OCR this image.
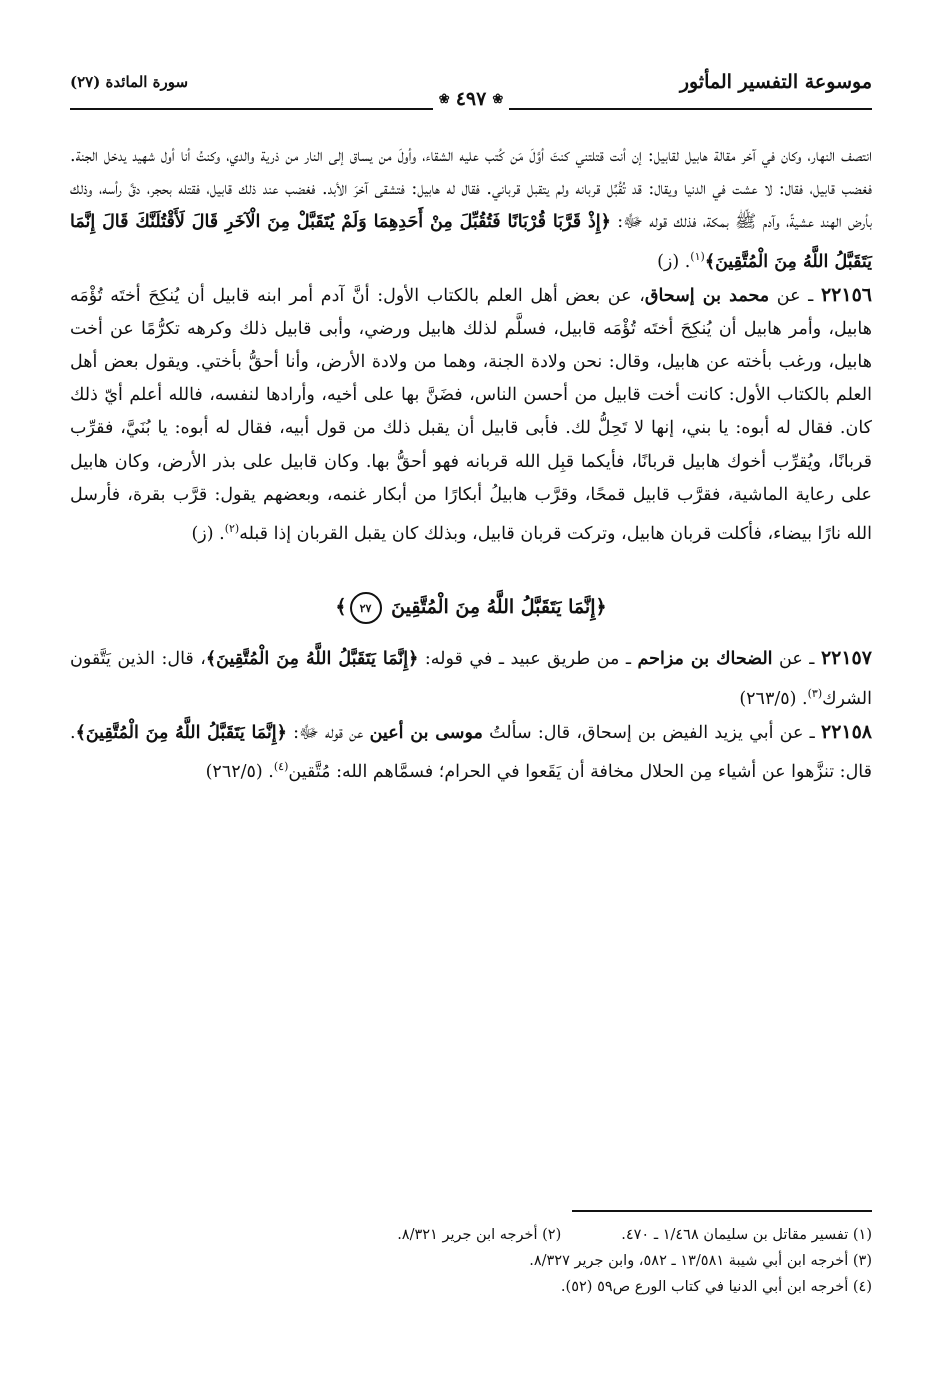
موسوعة التفسير المأثور
سورة المائدة (٢٧)
❀
٤٩٧
❀

انتصف النهار، وكان في آخر مقالة هابيل لقابيل: إن أنت قتلتني كنتَ أوَّلَ مَن كُتب عليه الشقاء، وأولَ من يساق إلى النار من ذرية والدي، وكنتُ أنا أول شهيد يدخل الجنة. فغضب قابيل، فقال: لا عشت في الدنيا ويقال: قد تُقُبِّل قربانه ولم يتقبل قرباني. فقال له هابيل: فتشقى آخرَ الأبد. فغضب عند ذلك قابيل، فقتله بحجر، دقَّ رأسه، وذلك بأرض الهند عشيةً، وآدم ﷺ بمكة، فذلك قوله ﷻ: ﴿إِذْ قَرَّبَا قُرْبَانًا فَتُقُبِّلَ مِنْ أَحَدِهِمَا وَلَمْ يُتَقَبَّلْ مِنَ الْآخَرِ قَالَ لَأَقْتُلَنَّكَ قَالَ إِنَّمَا يَتَقَبَّلُ اللَّهُ مِنَ الْمُتَّقِينَ﴾$^{(١)}$. (ز)

٢٢١٥٦ ـ عن محمد بن إسحاق، عن بعض أهل العلم بالكتاب الأول: أنَّ آدم أمر ابنه قابيل أن يُنكِحَ أختَه تُؤْمَه هابيل، وأمر هابيل أن يُنكِحَ أختَه تُؤْمَه قابيل، فسلَّم لذلك هابيل ورضي، وأبى قابيل ذلك وكرهه تكرُّمًا عن أخت هابيل، ورغب بأخته عن هابيل، وقال: نحن ولادة الجنة، وهما من ولادة الأرض، وأنا أحقُّ بأختي. ويقول بعض أهل العلم بالكتاب الأول: كانت أخت قابيل من أحسن الناس، فضَنَّ بها على أخيه، وأرادها لنفسه، فالله أعلم أيّ ذلك كان. فقال له أبوه: يا بني، إنها لا تَحِلُّ لك. فأبى قابيل أن يقبل ذلك من قول أبيه، فقال له أبوه: يا بُنَيَّ، فقرِّب قربانًا، ويُقرِّب أخوك هابيل قربانًا، فأيكما قبِل الله قربانه فهو أحقُّ بها. وكان قابيل على بذر الأرض، وكان هابيل على رعاية الماشية، فقرَّب قابيل قمحًا، وقرَّب هابيلُ أبكارًا من أبكار غنمه، وبعضهم يقول: قرَّب بقرة، فأرسل الله نارًا بيضاء، فأكلت قربان هابيل، وتركت قربان قابيل، وبذلك كان يقبل القربان إذا قبله$^{(٢)}$. (ز)

﴿إِنَّمَا يَتَقَبَّلُ اللَّهُ مِنَ الْمُتَّقِينَ ٢٧﴾

٢٢١٥٧ ـ عن الضحاك بن مزاحم ـ من طريق عبيد ـ في قوله: ﴿إِنَّمَا يَتَقَبَّلُ اللَّهُ مِنَ الْمُتَّقِينَ﴾، قال: الذين يَتَّقون الشرك$^{(٣)}$. (٢٦٣/٥)

٢٢١٥٨ ـ عن أبي يزيد الفيض بن إسحاق، قال: سألتُ موسى بن أعين عن قوله ﷻ: ﴿إِنَّمَا يَتَقَبَّلُ اللَّهُ مِنَ الْمُتَّقِينَ﴾. قال: تنزَّهوا عن أشياء مِن الحلال مخافة أن يَقَعوا في الحرام؛ فسمَّاهم الله: مُتَّقين$^{(٤)}$. (٢٦٢/٥)

(١) تفسير مقاتل بن سليمان ١/٤٦٨ ـ ٤٧٠.
(٢) أخرجه ابن جرير ٨/٣٢١.
(٣) أخرجه ابن أبي شيبة ١٣/٥٨١ ـ ٥٨٢، وابن جرير ٨/٣٢٧.
(٤) أخرجه ابن أبي الدنيا في كتاب الورع ص٥٩ (٥٢).
